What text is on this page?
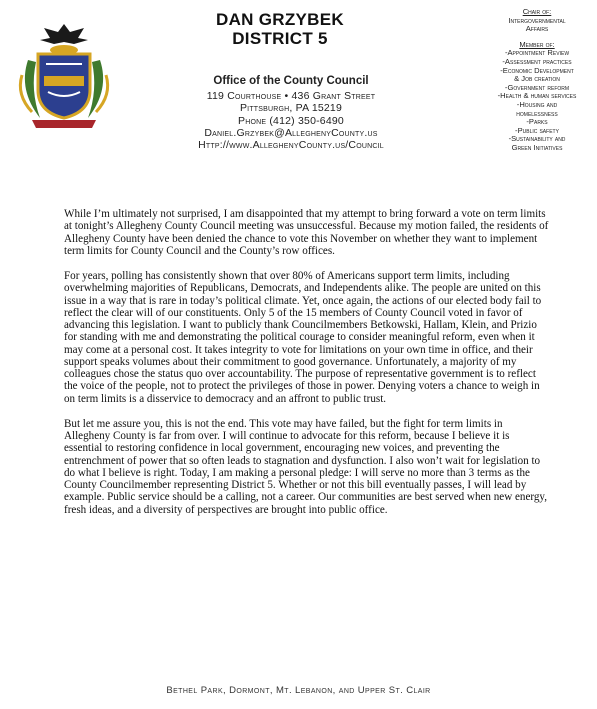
DAN GRZYBEK
DISTRICT 5
Office of the County Council
119 Courthouse • 436 Grant Street
Pittsburgh, PA 15219
Phone (412) 350-6490
Daniel.Grzybek@AlleghenyCounty.us
Http://www.AlleghenyCounty.us/Council
Chair of:
Intergovernmental
Affairs
Member of:
-Appointment Review
-Assessment practices
-Economic Development
& Job creation
-Government reform
-Health & human services
-Housing and
homelessness
-Parks
-Public safety
-Sustainability and
Green Initiatives

While I’m ultimately not surprised, I am disappointed that my attempt to bring forward a vote on term limits at tonight’s Allegheny County Council meeting was unsuccessful. Because my motion failed, the residents of Allegheny County have been denied the chance to vote this November on whether they want to implement term limits for County Council and the County’s row offices.

For years, polling has consistently shown that over 80% of Americans support term limits, including overwhelming majorities of Republicans, Democrats, and Independents alike. The people are united on this issue in a way that is rare in today’s political climate. Yet, once again, the actions of our elected body fail to reflect the clear will of our constituents. Only 5 of the 15 members of County Council voted in favor of advancing this legislation. I want to publicly thank Councilmembers Betkowski, Hallam, Klein, and Prizio for standing with me and demonstrating the political courage to consider meaningful reform, even when it may come at a personal cost. It takes integrity to vote for limitations on your own time in office, and their support speaks volumes about their commitment to good governance. Unfortunately, a majority of my colleagues chose the status quo over accountability. The purpose of representative government is to reflect the voice of the people, not to protect the privileges of those in power. Denying voters a chance to weigh in on term limits is a disservice to democracy and an affront to public trust.

But let me assure you, this is not the end. This vote may have failed, but the fight for term limits in Allegheny County is far from over. I will continue to advocate for this reform, because I believe it is essential to restoring confidence in local government, encouraging new voices, and preventing the entrenchment of power that so often leads to stagnation and dysfunction. I also won’t wait for legislation to do what I believe is right. Today, I am making a personal pledge: I will serve no more than 3 terms as the County Councilmember representing District 5. Whether or not this bill eventually passes, I will lead by example. Public service should be a calling, not a career. Our communities are best served when new energy, fresh ideas, and a diversity of perspectives are brought into public office.

Bethel Park, Dormont, Mt. Lebanon, and Upper St. Clair
